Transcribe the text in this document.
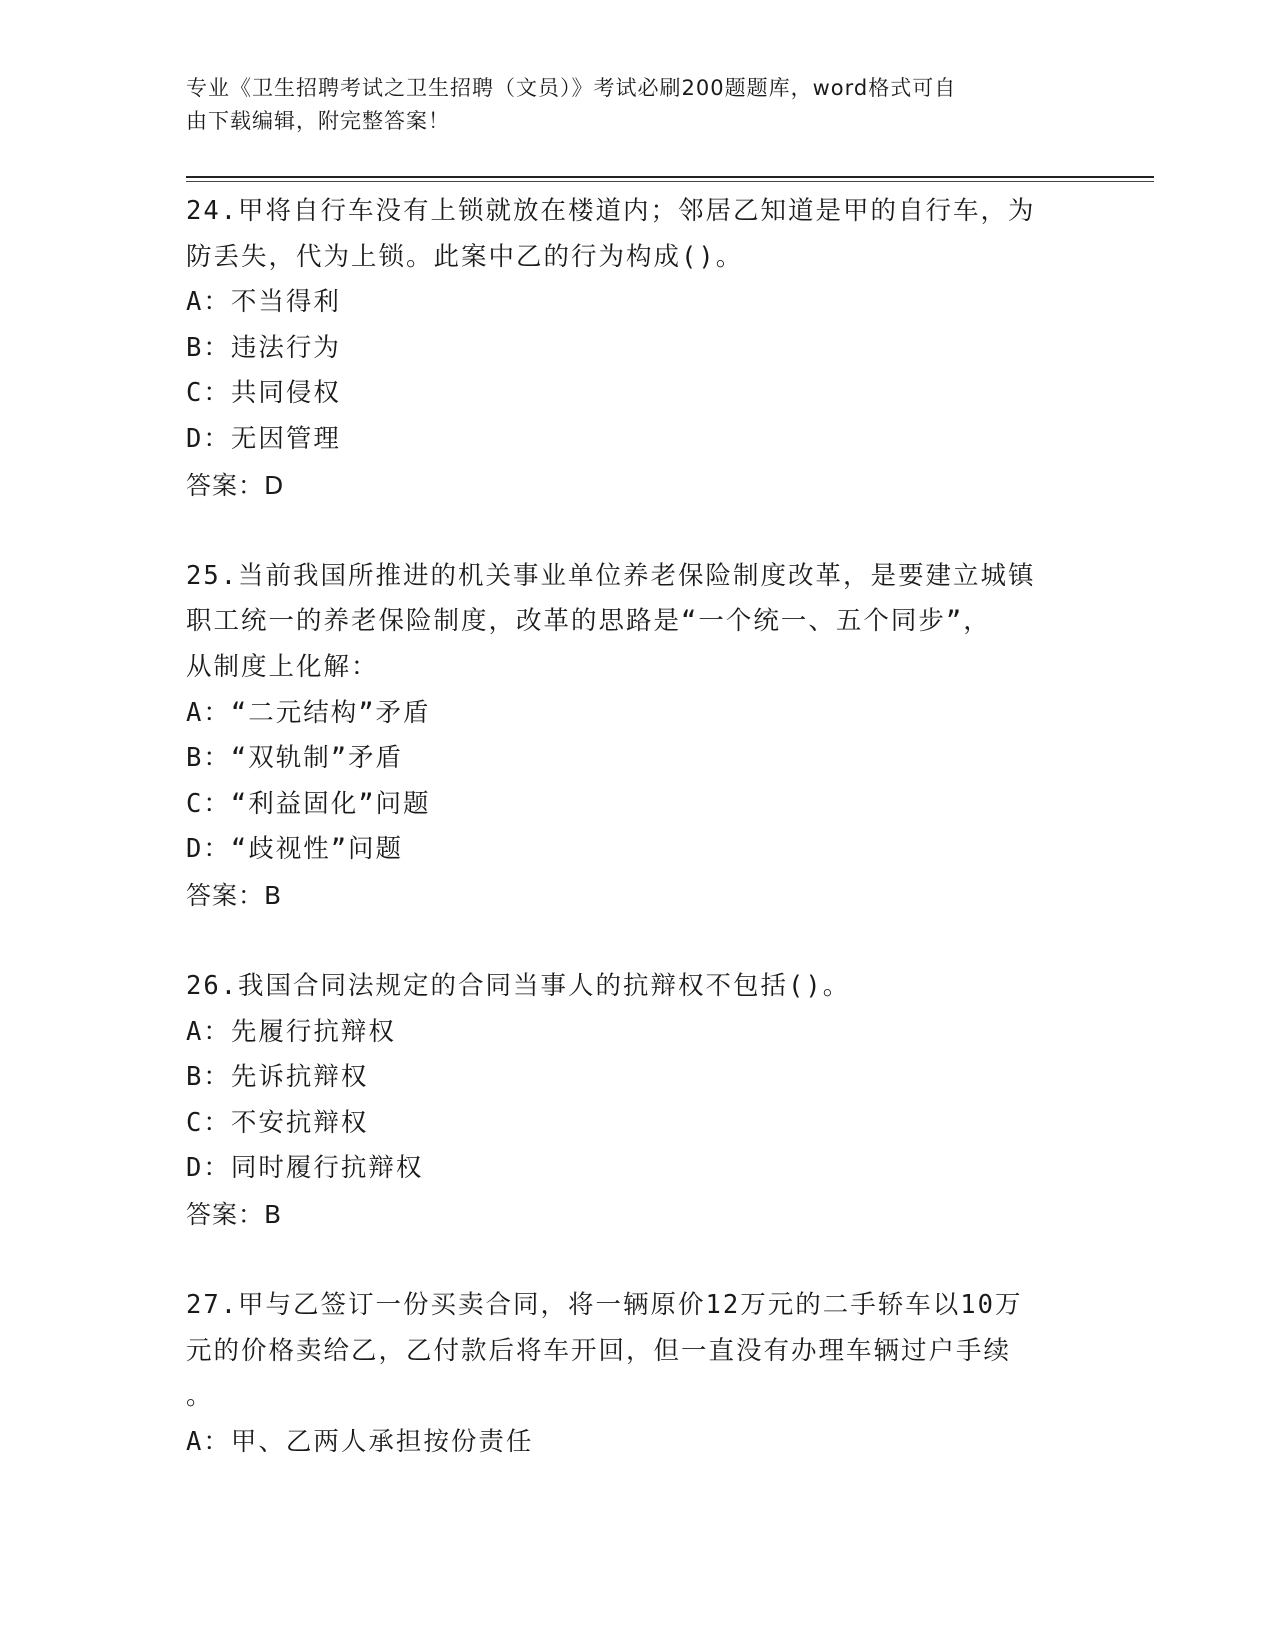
专业《卫生招聘考试之卫生招聘（文员）》考试必刷200题题库，word格式可自
由下载编辑，附完整答案！
24.甲将自行车没有上锁就放在楼道内；邻居乙知道是甲的自行车，为
防丢失，代为上锁。此案中乙的行为构成()。
A：不当得利
B：违法行为
C：共同侵权
D：无因管理
答案：D
25.当前我国所推进的机关事业单位养老保险制度改革，是要建立城镇
职工统一的养老保险制度，改革的思路是“一个统一、五个同步”，
从制度上化解：
A：“二元结构”矛盾
B：“双轨制”矛盾
C：“利益固化”问题
D：“歧视性”问题
答案：B
26.我国合同法规定的合同当事人的抗辩权不包括()。
A：先履行抗辩权
B：先诉抗辩权
C：不安抗辩权
D：同时履行抗辩权
答案：B
27.甲与乙签订一份买卖合同，将一辆原价12万元的二手轿车以10万
元的价格卖给乙，乙付款后将车开回，但一直没有办理车辆过户手续
。
A：甲、乙两人承担按份责任
